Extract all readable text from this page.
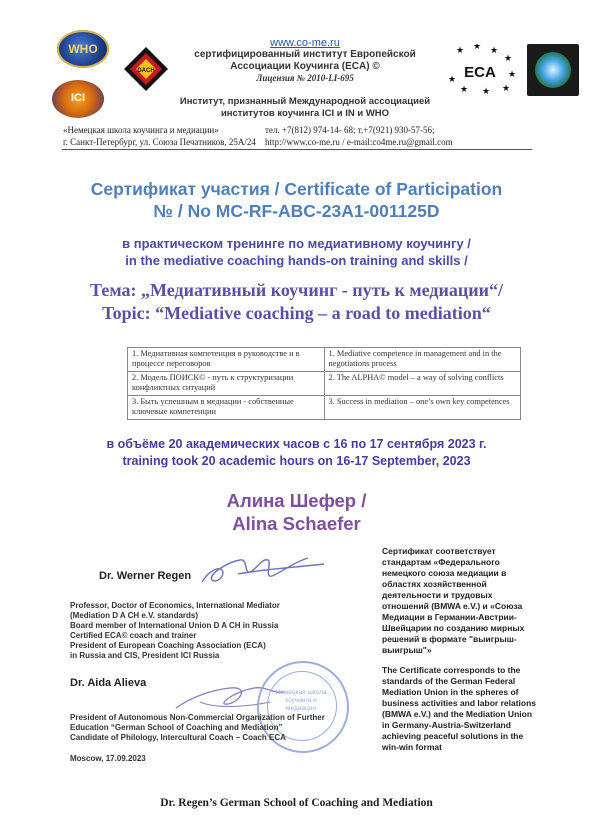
WHO
ICI
DACH
www.co-me.ru
сертифицированный институт Европейской
Ассоциации Коучинга (ECA) ©
Лицензия № 2010-LI-695
Институт, признанный Международной ассоциацией
институтов коучинга ICI и IN и WHO
★ ★ ★
★
★
★
★
★
★ ECA
«Немецкая школа коучинга и медиации»
г. Санкт-Петербург, ул. Союза Печатников, 25А/24
тел. +7(812) 974-14- 68; т.+7(921) 930-57-56;
http://www.co-me.ru / e-mail:co4me.ru@gmail.com
Сертификат участия / Certificate of Participation
№ / No MC-RF-ABC-23A1-001125D
в практическом тренинге по медиативному коучингу /
in the mediative coaching hands-on training and skills /
Тема: „Медиативный коучинг - путь к медиации“/
Topic: “Mediative coaching – a road to mediation“
1. Медиативная компетенция в руководстве и в процессе переговоров	1. Mediative competence in management and in the negotiations process
2. Модель ПОИСК© - путь к структуризации конфликтных ситуаций	2. The ALPHA© model – a way of solving conflicts
3. Быть успешным в медиации - собственные ключевые компетенции	3. Success in mediation – one’s own key competences
в объёме 20 академических часов с 16 по 17 сентября 2023 г.
training took 20 academic hours on 16-17 September, 2023
Алина Шефер /
Alina Schaefer
Dr. Werner Regen
Professor, Doctor of Economics, International Mediator
(Mediation D A CH e.V. standards)
Board member of International Union D A CH in Russia
Certified ECA© coach and trainer
President of European Coaching Association (ECA)
in Russia and CIS, President ICI Russia
Dr. Aida Alieva
Немецкая школа коучинга и медиации
President of Autonomous Non-Commercial Organization of Further
Education “German School of Coaching and Mediation”
Candidate of Philology, Intercultural Coach – Coach ECA
Moscow, 17.09.2023
Сертификат соответствует стандартам «Федерального немецкого союза медиации в областях хозяйственной деятельности и трудовых отношений (BMWA e.V.) и «Союза Медиации в Германии-Австрии-Швейцарии по созданию мирных решений в формате "выигрыш-выигрыш"»
The Certificate corresponds to the standards of the German Federal Mediation Union in the spheres of business activities and labor relations (BMWA e.V.) and the Mediation Union in Germany-Austria-Switzerland achieving peaceful solutions in the win-win format
Dr. Regen’s German School of Coaching and Mediation
